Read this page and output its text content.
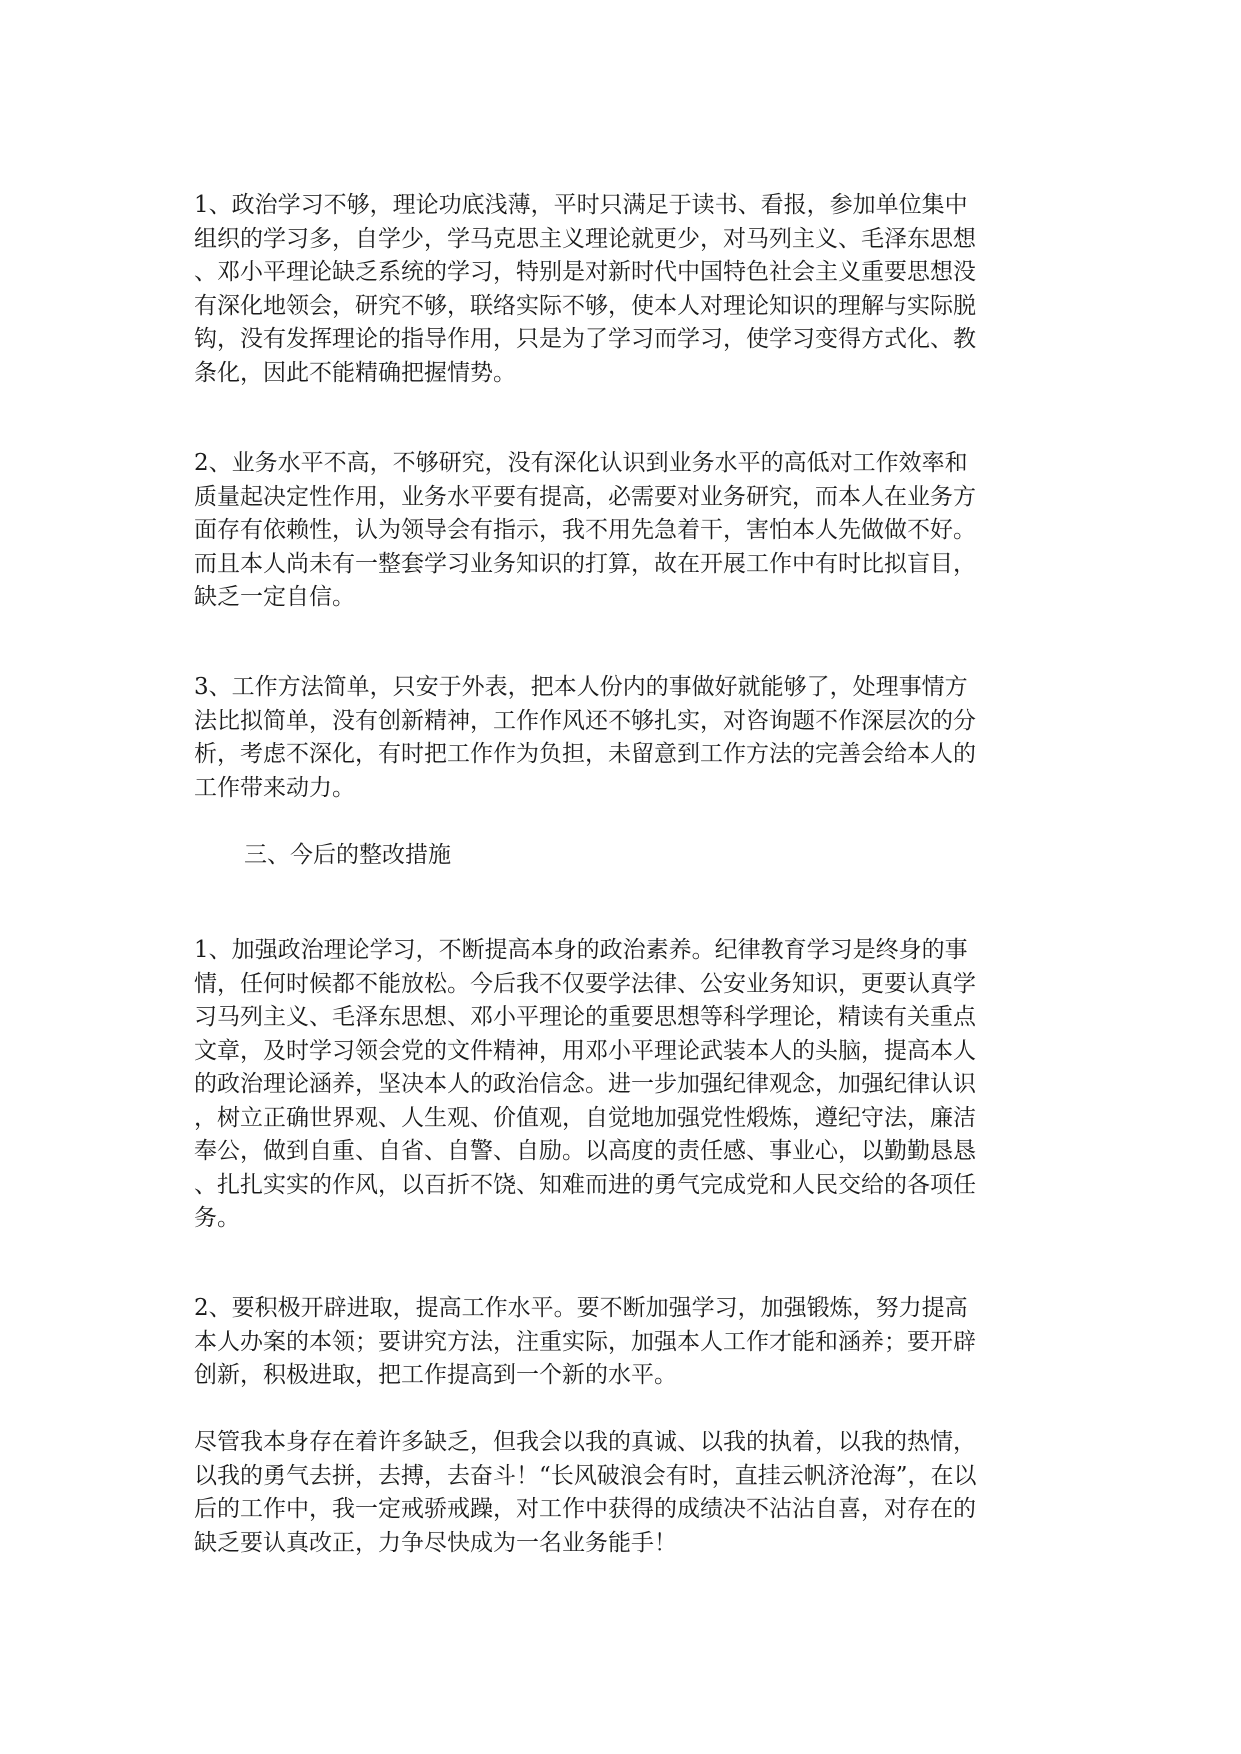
1、政治学习不够，理论功底浅薄，平时只满足于读书、看报，参加单位集中
组织的学习多，自学少，学马克思主义理论就更少，对马列主义、毛泽东思想
、邓小平理论缺乏系统的学习，特别是对新时代中国特色社会主义重要思想没
有深化地领会，研究不够，联络实际不够，使本人对理论知识的理解与实际脱
钩，没有发挥理论的指导作用，只是为了学习而学习，使学习变得方式化、教
条化，因此不能精确把握情势。

2、业务水平不高，不够研究，没有深化认识到业务水平的高低对工作效率和
质量起决定性作用，业务水平要有提高，必需要对业务研究，而本人在业务方
面存有依赖性，认为领导会有指示，我不用先急着干，害怕本人先做做不好。
而且本人尚未有一整套学习业务知识的打算，故在开展工作中有时比拟盲目，
缺乏一定自信。

3、工作方法简单，只安于外表，把本人份内的事做好就能够了，处理事情方
法比拟简单，没有创新精神，工作作风还不够扎实，对咨询题不作深层次的分
析，考虑不深化，有时把工作作为负担，未留意到工作方法的完善会给本人的
工作带来动力。

三、今后的整改措施

1、加强政治理论学习，不断提高本身的政治素养。纪律教育学习是终身的事
情，任何时候都不能放松。今后我不仅要学法律、公安业务知识，更要认真学
习马列主义、毛泽东思想、邓小平理论的重要思想等科学理论，精读有关重点
文章，及时学习领会党的文件精神，用邓小平理论武装本人的头脑，提高本人
的政治理论涵养，坚决本人的政治信念。进一步加强纪律观念，加强纪律认识
，树立正确世界观、人生观、价值观，自觉地加强党性煅炼，遵纪守法，廉洁
奉公，做到自重、自省、自警、自励。以高度的责任感、事业心，以勤勤恳恳
、扎扎实实的作风，以百折不饶、知难而进的勇气完成党和人民交给的各项任
务。

2、要积极开辟进取，提高工作水平。要不断加强学习，加强锻炼，努力提高
本人办案的本领；要讲究方法，注重实际，加强本人工作才能和涵养；要开辟
创新，积极进取，把工作提高到一个新的水平。

尽管我本身存在着许多缺乏，但我会以我的真诚、以我的执着，以我的热情，
以我的勇气去拼，去搏，去奋斗！“长风破浪会有时，直挂云帆济沧海”，在以
后的工作中，我一定戒骄戒躁，对工作中获得的成绩决不沾沾自喜，对存在的
缺乏要认真改正，力争尽快成为一名业务能手！
